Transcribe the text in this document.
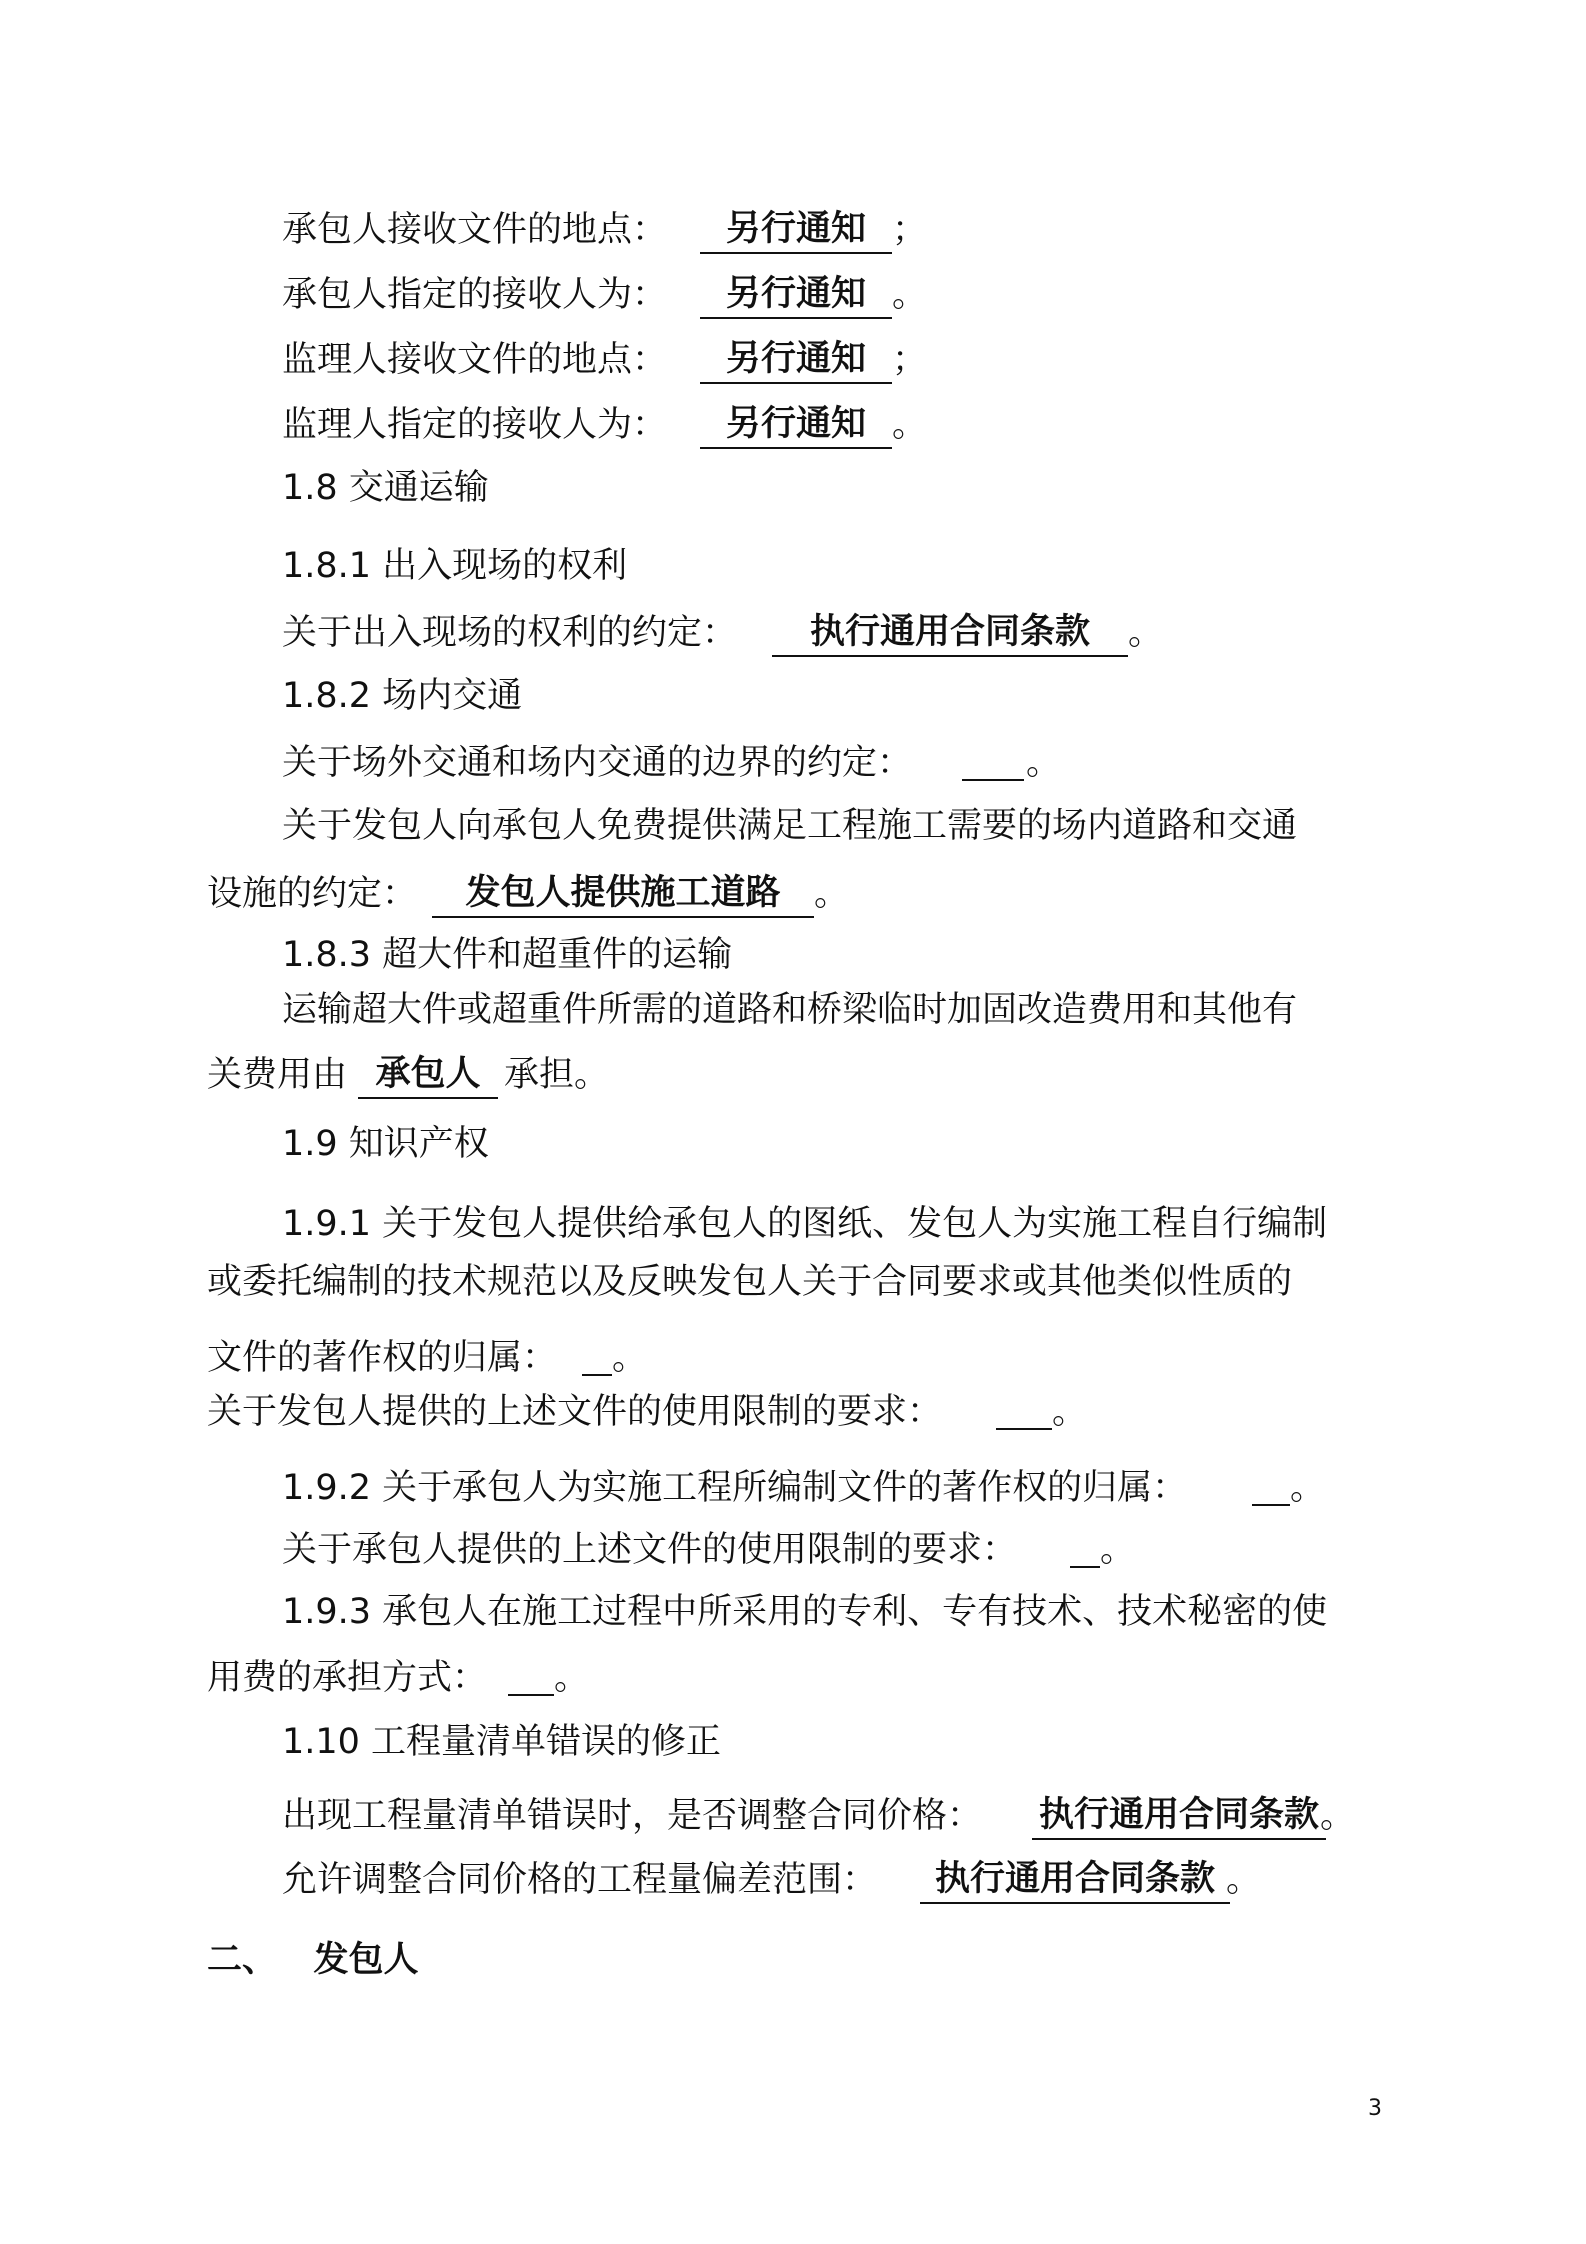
承包人接收文件的地点：	另行通知 ；
承包人指定的接收人为：	另行通知 。
监理人接收文件的地点：	另行通知 ；
监理人指定的接收人为：	另行通知 。
1.8 交通运输
1.8.1 出入现场的权利
关于出入现场的权利的约定：	执行通用合同条款	。
1.8.2 场内交通
关于场外交通和场内交通的边界的约定：	。
关于发包人向承包人免费提供满足工程施工需要的场内道路和交通
设施的约定：	发包人提供施工道路 。
1.8.3 超大件和超重件的运输
运输超大件或超重件所需的道路和桥梁临时加固改造费用和其他有
关费用由 承包人 承担。
1.9 知识产权
1.9.1 关于发包人提供给承包人的图纸、发包人为实施工程自行编制
或委托编制的技术规范以及反映发包人关于合同要求或其他类似性质的
文件的著作权的归属： 。
关于发包人提供的上述文件的使用限制的要求：	。
1.9.2 关于承包人为实施工程所编制文件的著作权的归属：	。
关于承包人提供的上述文件的使用限制的要求： 。
1.9.3 承包人在施工过程中所采用的专利、专有技术、技术秘密的使
用费的承担方式： 。
1.10 工程量清单错误的修正
出现工程量清单错误时，是否调整合同价格： 执行通用合同条款 。
允许调整合同价格的工程量偏差范围：	执行通用合同条款 。
二、   发包人
3
